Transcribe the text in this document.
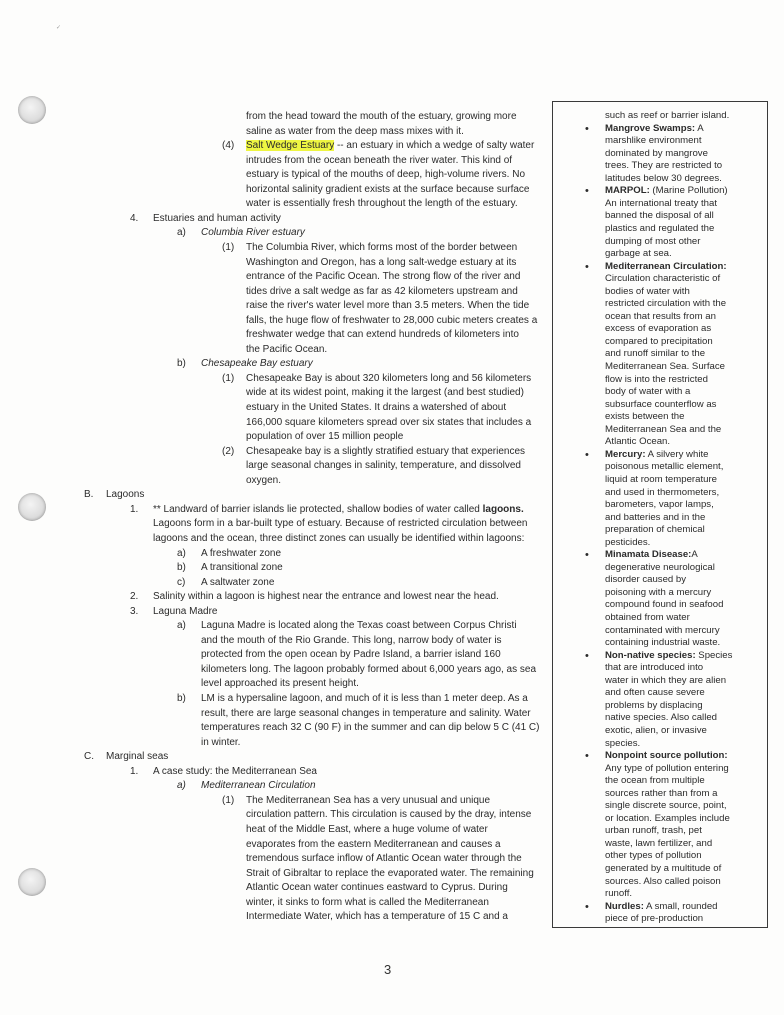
✓
from the head toward the mouth of the estuary, growing more
saline as water from the deep mass mixes with it.
(4) Salt Wedge Estuary -- an estuary in which a wedge of salty water
intrudes from the ocean beneath the river water. This kind of
estuary is typical of the mouths of deep, high-volume rivers. No
horizontal salinity gradient exists at the surface because surface
water is essentially fresh throughout the length of the estuary.
4. Estuaries and human activity
a) Columbia River estuary
(1) The Columbia River, which forms most of the border between
Washington and Oregon, has a long salt-wedge estuary at its
entrance of the Pacific Ocean. The strong flow of the river and
tides drive a salt wedge as far as 42 kilometers upstream and
raise the river's water level more than 3.5 meters. When the tide
falls, the huge flow of freshwater to 28,000 cubic meters creates a
freshwater wedge that can extend hundreds of kilometers into
the Pacific Ocean.
b) Chesapeake Bay estuary
(1) Chesapeake Bay is about 320 kilometers long and 56 kilometers
wide at its widest point, making it the largest (and best studied)
estuary in the United States. It drains a watershed of about
166,000 square kilometers spread over six states that includes a
population of over 15 million people
(2) Chesapeake bay is a slightly stratified estuary that experiences
large seasonal changes in salinity, temperature, and dissolved
oxygen.
B. Lagoons
1. ** Landward of barrier islands lie protected, shallow bodies of water called lagoons.
Lagoons form in a bar-built type of estuary. Because of restricted circulation between
lagoons and the ocean, three distinct zones can usually be identified within lagoons:
a) A freshwater zone
b) A transitional zone
c) A saltwater zone
2. Salinity within a lagoon is highest near the entrance and lowest near the head.
3. Laguna Madre
a) Laguna Madre is located along the Texas coast between Corpus Christi
and the mouth of the Rio Grande. This long, narrow body of water is
protected from the open ocean by Padre Island, a barrier island 160
kilometers long. The lagoon probably formed about 6,000 years ago, as sea
level approached its present height.
b) LM is a hypersaline lagoon, and much of it is less than 1 meter deep. As a
result, there are large seasonal changes in temperature and salinity. Water
temperatures reach 32 C (90 F) in the summer and can dip below 5 C (41 C)
in winter.
C. Marginal seas
1. A case study: the Mediterranean Sea
a) Mediterranean Circulation
(1) The Mediterranean Sea has a very unusual and unique
circulation pattern. This circulation is caused by the dray, intense
heat of the Middle East, where a huge volume of water
evaporates from the eastern Mediterranean and causes a
tremendous surface inflow of Atlantic Ocean water through the
Strait of Gibraltar to replace the evaporated water. The remaining
Atlantic Ocean water continues eastward to Cyprus. During
winter, it sinks to form what is called the Mediterranean
Intermediate Water, which has a temperature of 15 C and a
such as reef or barrier island.
• Mangrove Swamps: A
marshlike environment
dominated by mangrove
trees. They are restricted to
latitudes below 30 degrees.
• MARPOL: (Marine Pollution)
An international treaty that
banned the disposal of all
plastics and regulated the
dumping of most other
garbage at sea.
• Mediterranean Circulation:
Circulation characteristic of
bodies of water with
restricted circulation with the
ocean that results from an
excess of evaporation as
compared to precipitation
and runoff similar to the
Mediterranean Sea. Surface
flow is into the restricted
body of water with a
subsurface counterflow as
exists between the
Mediterranean Sea and the
Atlantic Ocean.
• Mercury: A silvery white
poisonous metallic element,
liquid at room temperature
and used in thermometers,
barometers, vapor lamps,
and batteries and in the
preparation of chemical
pesticides.
• Minamata Disease:A
degenerative neurological
disorder caused by
poisoning with a mercury
compound found in seafood
obtained from water
contaminated with mercury
containing industrial waste.
• Non-native species: Species
that are introduced into
water in which they are alien
and often cause severe
problems by displacing
native species. Also called
exotic, alien, or invasive
species.
• Nonpoint source pollution:
Any type of pollution entering
the ocean from multiple
sources rather than from a
single discrete source, point,
or location. Examples include
urban runoff, trash, pet
waste, lawn fertilizer, and
other types of pollution
generated by a multitude of
sources. Also called poison
runoff.
• Nurdles: A small, rounded
piece of pre-production
3
